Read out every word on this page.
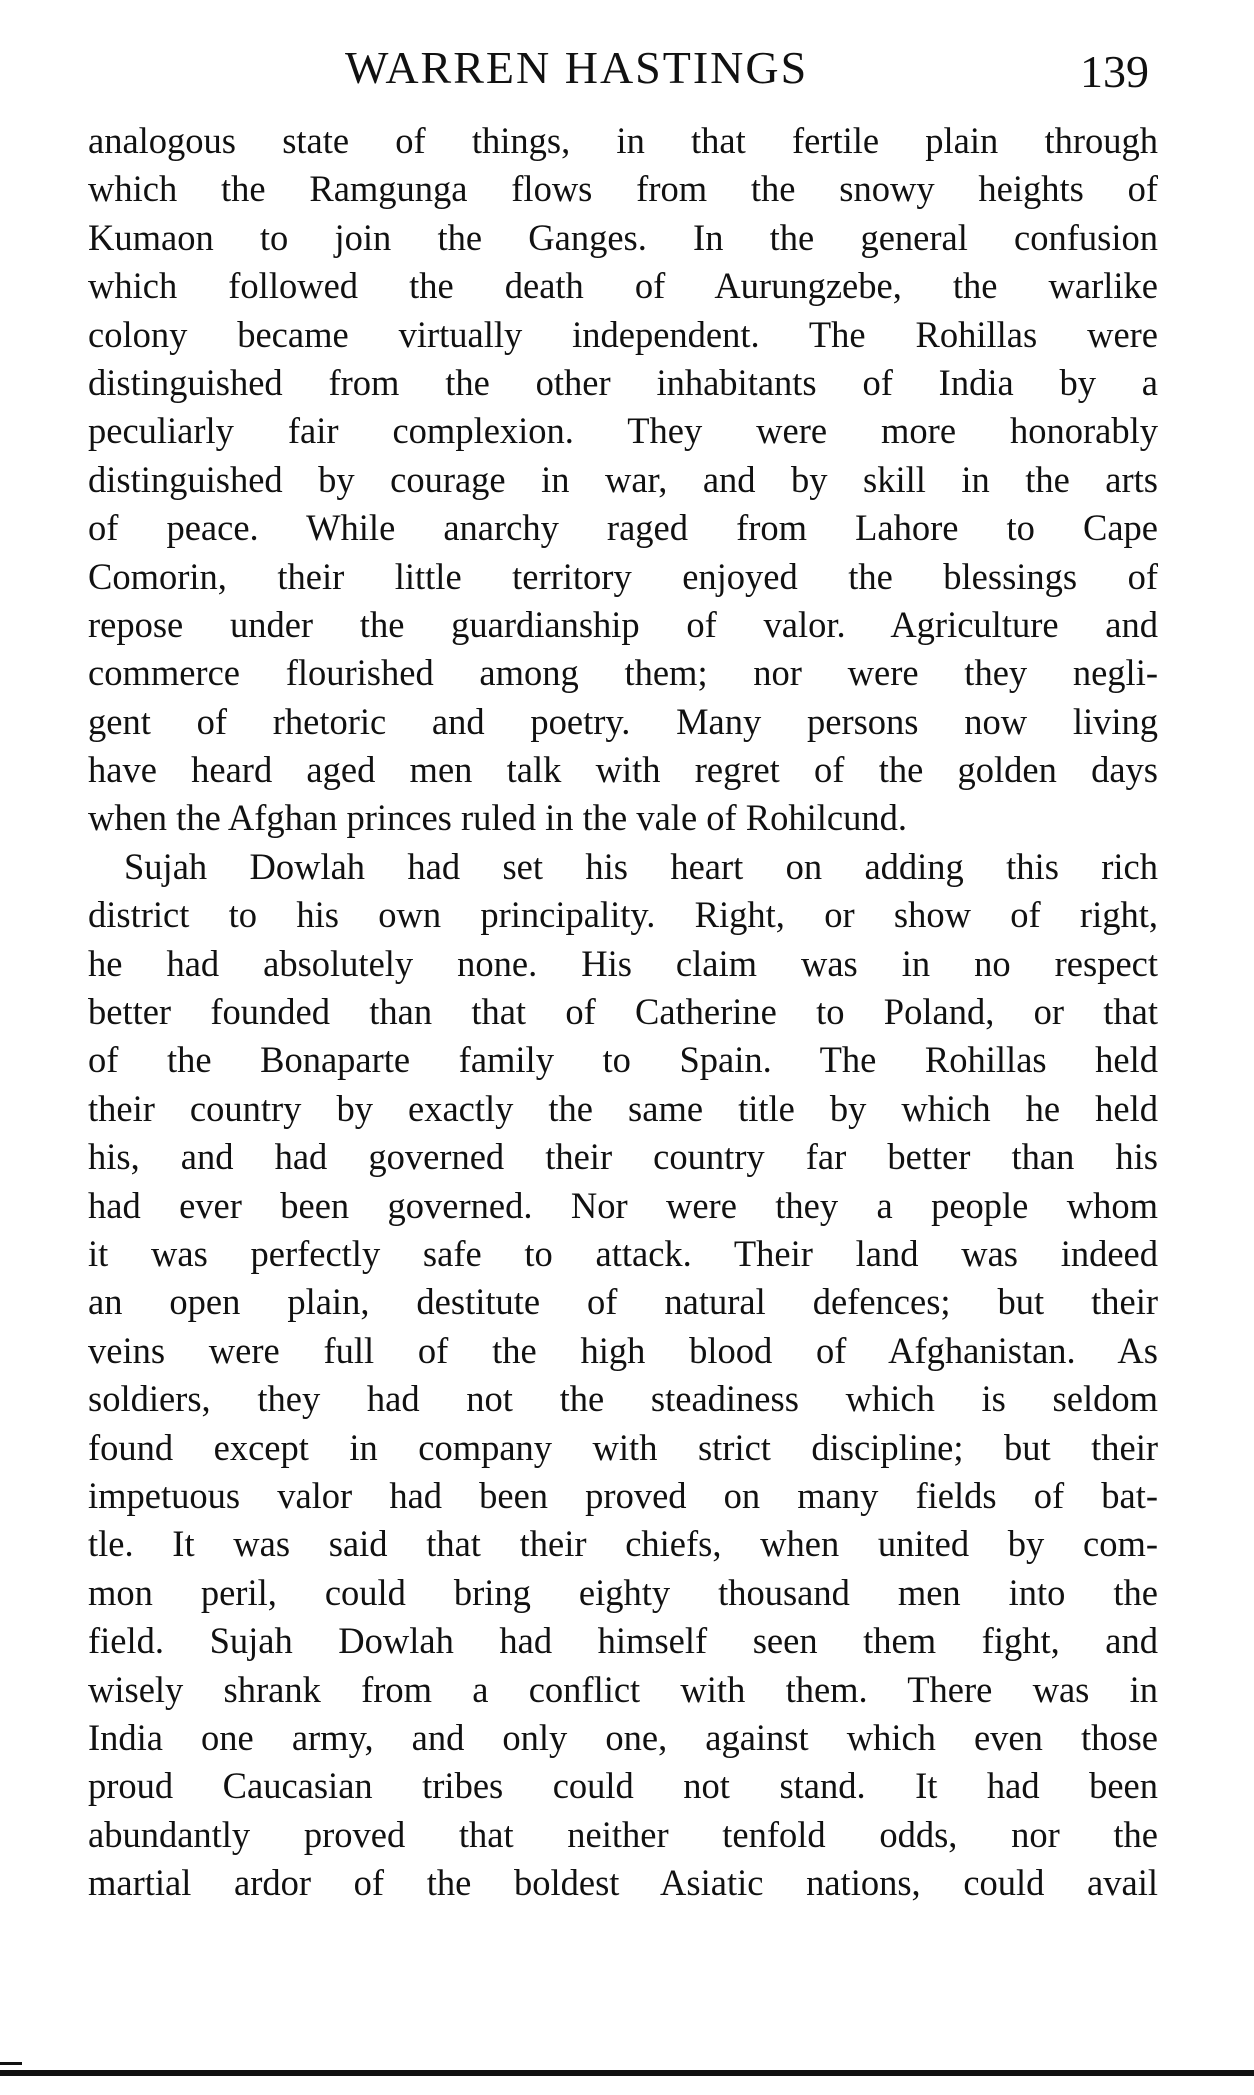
WARREN HASTINGS	139
analogous state of things, in that fertile plain through
which the Ramgunga flows from the snowy heights of
Kumaon to join the Ganges. In the general confusion
which followed the death of Aurungzebe, the warlike
colony became virtually independent. The Rohillas were
distinguished from the other inhabitants of India by a
peculiarly fair complexion. They were more honorably
distinguished by courage in war, and by skill in the arts
of peace. While anarchy raged from Lahore to Cape
Comorin, their little territory enjoyed the blessings of
repose under the guardianship of valor. Agriculture and
commerce flourished among them; nor were they negli-
gent of rhetoric and poetry. Many persons now living
have heard aged men talk with regret of the golden days
when the Afghan princes ruled in the vale of Rohilcund.
Sujah Dowlah had set his heart on adding this rich
district to his own principality. Right, or show of right,
he had absolutely none. His claim was in no respect
better founded than that of Catherine to Poland, or that
of the Bonaparte family to Spain. The Rohillas held
their country by exactly the same title by which he held
his, and had governed their country far better than his
had ever been governed. Nor were they a people whom
it was perfectly safe to attack. Their land was indeed
an open plain, destitute of natural defences; but their
veins were full of the high blood of Afghanistan. As
soldiers, they had not the steadiness which is seldom
found except in company with strict discipline; but their
impetuous valor had been proved on many fields of bat-
tle. It was said that their chiefs, when united by com-
mon peril, could bring eighty thousand men into the
field. Sujah Dowlah had himself seen them fight, and
wisely shrank from a conflict with them. There was in
India one army, and only one, against which even those
proud Caucasian tribes could not stand. It had been
abundantly proved that neither tenfold odds, nor the
martial ardor of the boldest Asiatic nations, could avail
